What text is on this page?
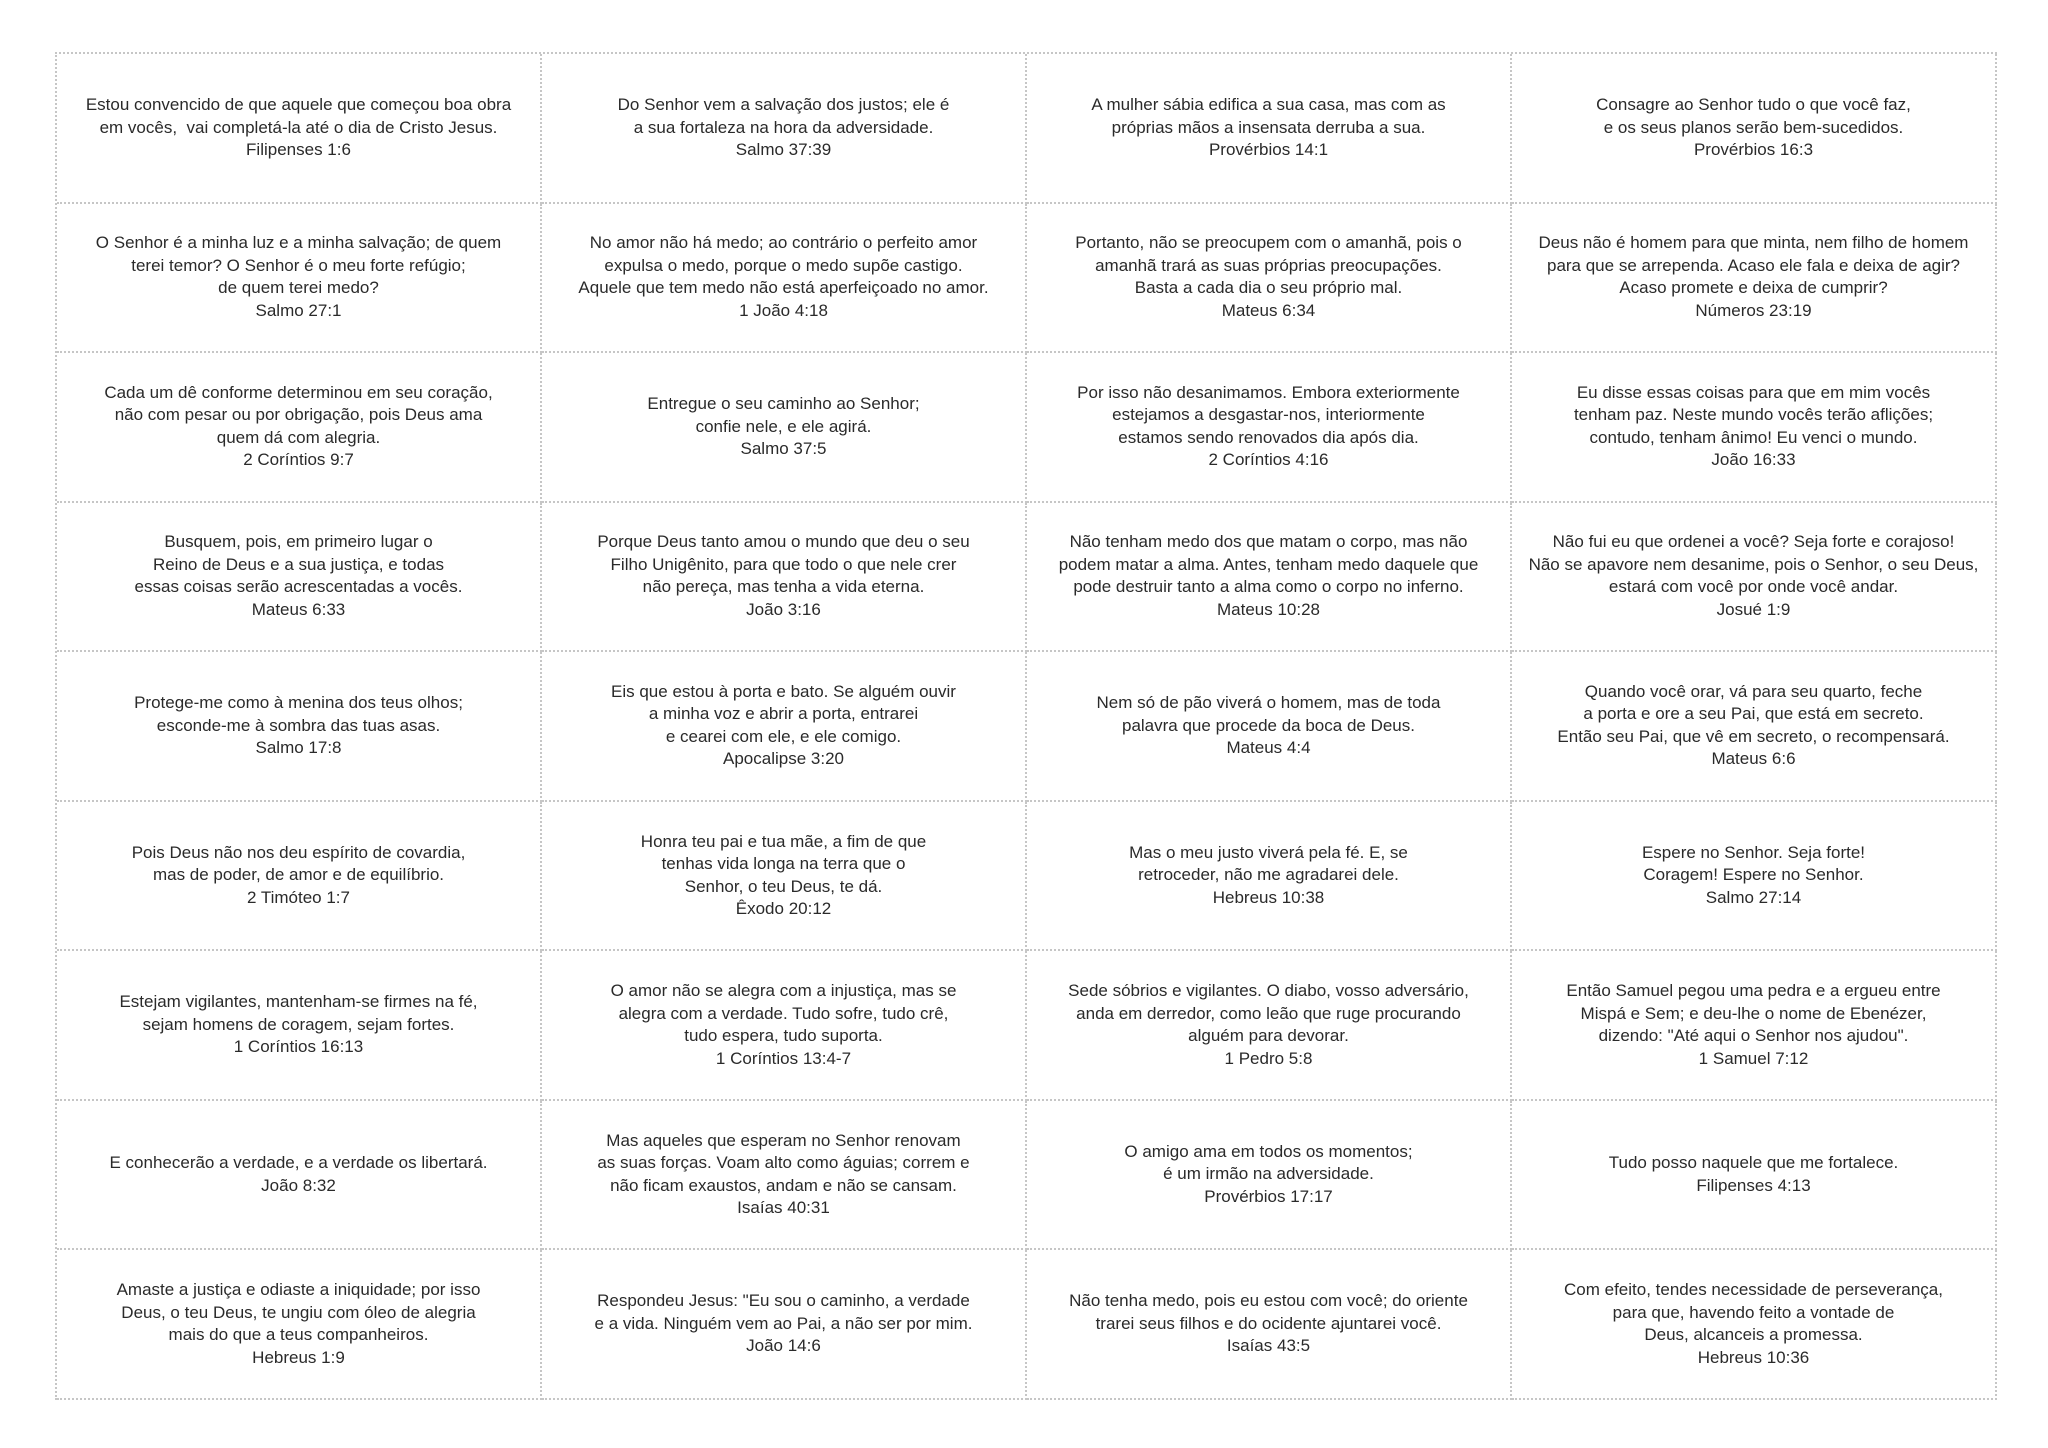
Estou convencido de que aquele que começou boa obra
em vocês,  vai completá-la até o dia de Cristo Jesus.
Filipenses 1:6
Do Senhor vem a salvação dos justos; ele é
a sua fortaleza na hora da adversidade.
Salmo 37:39
A mulher sábia edifica a sua casa, mas com as
próprias mãos a insensata derruba a sua.
Provérbios 14:1
Consagre ao Senhor tudo o que você faz,
e os seus planos serão bem-sucedidos.
Provérbios 16:3
O Senhor é a minha luz e a minha salvação; de quem
terei temor? O Senhor é o meu forte refúgio;
de quem terei medo?
Salmo 27:1
No amor não há medo; ao contrário o perfeito amor
expulsa o medo, porque o medo supõe castigo.
Aquele que tem medo não está aperfeiçoado no amor.
1 João 4:18
Portanto, não se preocupem com o amanhã, pois o
amanhã trará as suas próprias preocupações.
Basta a cada dia o seu próprio mal.
Mateus 6:34
Deus não é homem para que minta, nem filho de homem
para que se arrependa. Acaso ele fala e deixa de agir?
Acaso promete e deixa de cumprir?
Números 23:19
Cada um dê conforme determinou em seu coração,
não com pesar ou por obrigação, pois Deus ama
quem dá com alegria.
2 Coríntios 9:7
Entregue o seu caminho ao Senhor;
confie nele, e ele agirá.
Salmo 37:5
Por isso não desanimamos. Embora exteriormente
estejamos a desgastar-nos, interiormente
estamos sendo renovados dia após dia.
2 Coríntios 4:16
Eu disse essas coisas para que em mim vocês
tenham paz. Neste mundo vocês terão aflições;
contudo, tenham ânimo! Eu venci o mundo.
João 16:33
Busquem, pois, em primeiro lugar o
Reino de Deus e a sua justiça, e todas
essas coisas serão acrescentadas a vocês.
Mateus 6:33
Porque Deus tanto amou o mundo que deu o seu
Filho Unigênito, para que todo o que nele crer
não pereça, mas tenha a vida eterna.
João 3:16
Não tenham medo dos que matam o corpo, mas não
podem matar a alma. Antes, tenham medo daquele que
pode destruir tanto a alma como o corpo no inferno.
Mateus 10:28
Não fui eu que ordenei a você? Seja forte e corajoso!
Não se apavore nem desanime, pois o Senhor, o seu Deus,
estará com você por onde você andar.
Josué 1:9
Protege-me como à menina dos teus olhos;
esconde-me à sombra das tuas asas.
Salmo 17:8
Eis que estou à porta e bato. Se alguém ouvir
a minha voz e abrir a porta, entrarei
e cearei com ele, e ele comigo.
Apocalipse 3:20
Nem só de pão viverá o homem, mas de toda
palavra que procede da boca de Deus.
Mateus 4:4
Quando você orar, vá para seu quarto, feche
a porta e ore a seu Pai, que está em secreto.
Então seu Pai, que vê em secreto, o recompensará.
Mateus 6:6
Pois Deus não nos deu espírito de covardia,
mas de poder, de amor e de equilíbrio.
2 Timóteo 1:7
Honra teu pai e tua mãe, a fim de que
tenhas vida longa na terra que o
Senhor, o teu Deus, te dá.
Êxodo 20:12
Mas o meu justo viverá pela fé. E, se
retroceder, não me agradarei dele.
Hebreus 10:38
Espere no Senhor. Seja forte!
Coragem! Espere no Senhor.
Salmo 27:14
Estejam vigilantes, mantenham-se firmes na fé,
sejam homens de coragem, sejam fortes.
1 Coríntios 16:13
O amor não se alegra com a injustiça, mas se
alegra com a verdade. Tudo sofre, tudo crê,
tudo espera, tudo suporta.
1 Coríntios 13:4-7
Sede sóbrios e vigilantes. O diabo, vosso adversário,
anda em derredor, como leão que ruge procurando
alguém para devorar.
1 Pedro 5:8
Então Samuel pegou uma pedra e a ergueu entre
Mispá e Sem; e deu-lhe o nome de Ebenézer,
dizendo: "Até aqui o Senhor nos ajudou".
1 Samuel 7:12
E conhecerão a verdade, e a verdade os libertará.
João 8:32
Mas aqueles que esperam no Senhor renovam
as suas forças. Voam alto como águias; correm e
não ficam exaustos, andam e não se cansam.
Isaías 40:31
O amigo ama em todos os momentos;
é um irmão na adversidade.
Provérbios 17:17
Tudo posso naquele que me fortalece.
Filipenses 4:13
Amaste a justiça e odiaste a iniquidade; por isso
Deus, o teu Deus, te ungiu com óleo de alegria
mais do que a teus companheiros.
Hebreus 1:9
Respondeu Jesus: "Eu sou o caminho, a verdade
e a vida. Ninguém vem ao Pai, a não ser por mim.
João 14:6
Não tenha medo, pois eu estou com você; do oriente
trarei seus filhos e do ocidente ajuntarei você.
Isaías 43:5
Com efeito, tendes necessidade de perseverança,
para que, havendo feito a vontade de
Deus, alcanceis a promessa.
Hebreus 10:36
